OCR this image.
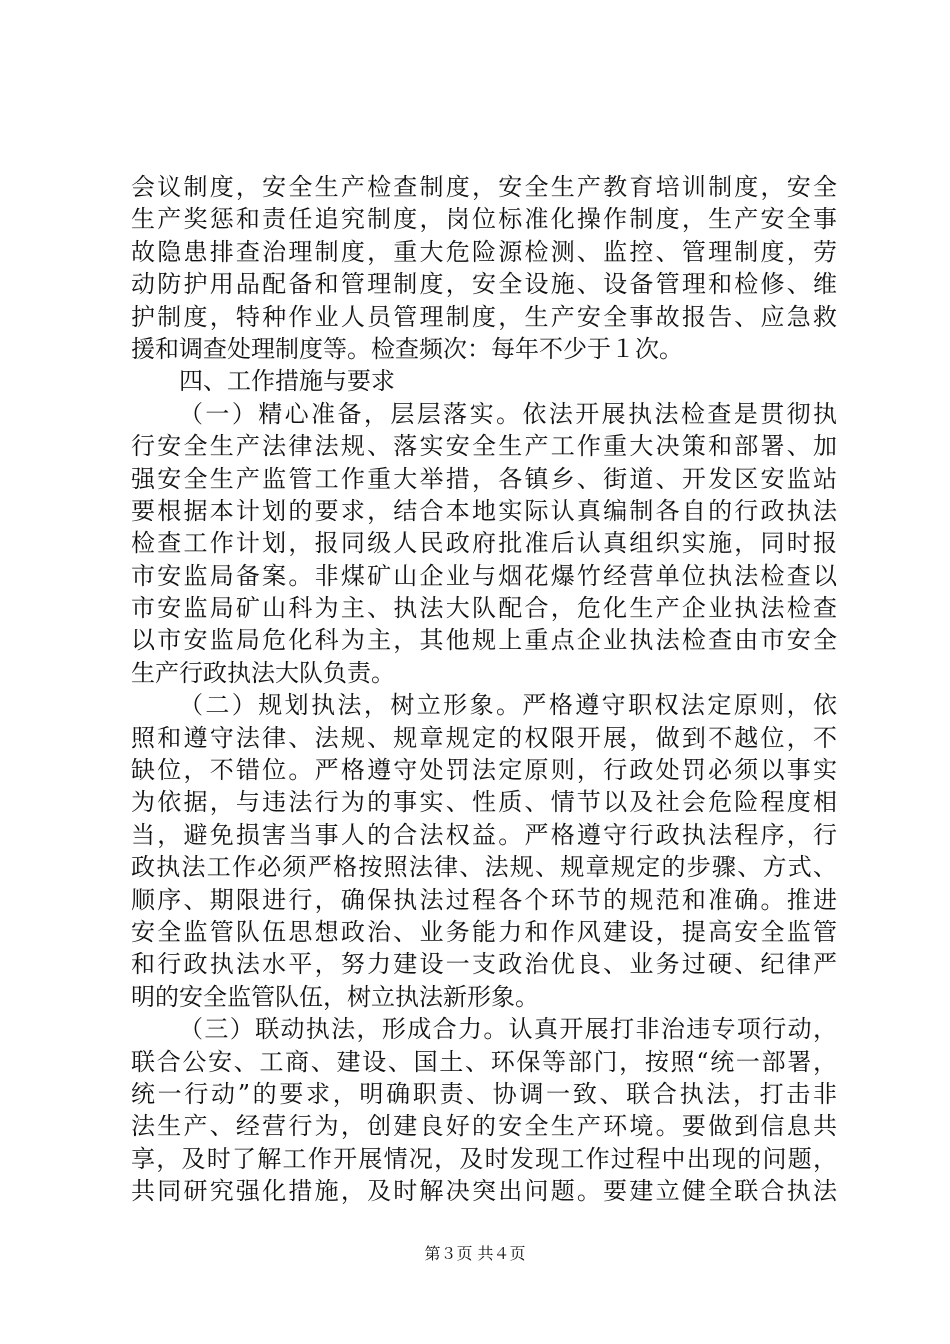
会议制度，安全生产检查制度，安全生产教育培训制度，安全
生产奖惩和责任追究制度，岗位标准化操作制度，生产安全事
故隐患排查治理制度，重大危险源检测、监控、管理制度，劳
动防护用品配备和管理制度，安全设施、设备管理和检修、维
护制度，特种作业人员管理制度，生产安全事故报告、应急救
援和调查处理制度等。检查频次：每年不少于１次。
四、工作措施与要求
（一）精心准备，层层落实。依法开展执法检查是贯彻执
行安全生产法律法规、落实安全生产工作重大决策和部署、加
强安全生产监管工作重大举措，各镇乡、街道、开发区安监站
要根据本计划的要求，结合本地实际认真编制各自的行政执法
检查工作计划，报同级人民政府批准后认真组织实施，同时报
市安监局备案。非煤矿山企业与烟花爆竹经营单位执法检查以
市安监局矿山科为主、执法大队配合，危化生产企业执法检查
以市安监局危化科为主，其他规上重点企业执法检查由市安全
生产行政执法大队负责。
（二）规划执法，树立形象。严格遵守职权法定原则，依
照和遵守法律、法规、规章规定的权限开展，做到不越位，不
缺位，不错位。严格遵守处罚法定原则，行政处罚必须以事实
为依据，与违法行为的事实、性质、情节以及社会危险程度相
当，避免损害当事人的合法权益。严格遵守行政执法程序，行
政执法工作必须严格按照法律、法规、规章规定的步骤、方式、
顺序、期限进行，确保执法过程各个环节的规范和准确。推进
安全监管队伍思想政治、业务能力和作风建设，提高安全监管
和行政执法水平，努力建设一支政治优良、业务过硬、纪律严
明的安全监管队伍，树立执法新形象。
（三）联动执法，形成合力。认真开展打非治违专项行动，
联合公安、工商、建设、国土、环保等部门，按照“统一部署，
统一行动”的要求，明确职责、协调一致、联合执法，打击非
法生产、经营行为，创建良好的安全生产环境。要做到信息共
享，及时了解工作开展情况，及时发现工作过程中出现的问题，
共同研究强化措施，及时解决突出问题。要建立健全联合执法
第３页 共４页
